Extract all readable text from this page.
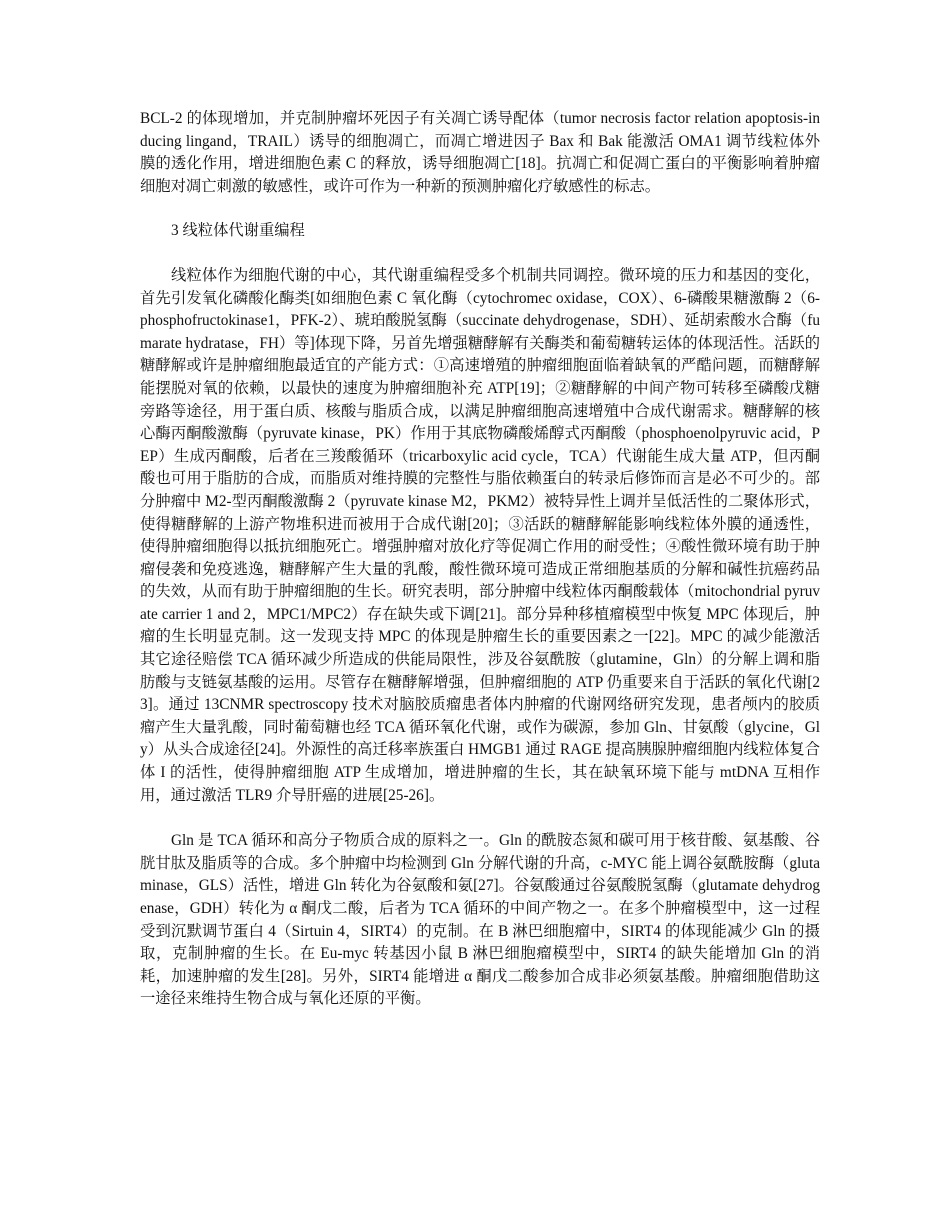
BCL-2 的体现增加，并克制肿瘤坏死因子有关凋亡诱导配体（tumor necrosis factor relation apoptosis-inducing lingand，TRAIL）诱导的细胞凋亡，而凋亡增进因子 Bax 和 Bak 能激活 OMA1 调节线粒体外膜的透化作用，增进细胞色素 C 的释放，诱导细胞凋亡[18]。抗凋亡和促凋亡蛋白的平衡影响着肿瘤细胞对凋亡刺激的敏感性，或许可作为一种新的预测肿瘤化疗敏感性的标志。

3 线粒体代谢重编程

线粒体作为细胞代谢的中心，其代谢重编程受多个机制共同调控。微环境的压力和基因的变化，首先引发氧化磷酸化酶类[如细胞色素 C 氧化酶（cytochromec oxidase，COX）、6-磷酸果糖激酶 2（6-phosphofructokinase1，PFK-2）、琥珀酸脱氢酶（succinate dehydrogenase，SDH）、延胡索酸水合酶（fumarate hydratase，FH）等]体现下降，另首先增强糖酵解有关酶类和葡萄糖转运体的体现活性。活跃的糖酵解或许是肿瘤细胞最适宜的产能方式：①高速增殖的肿瘤细胞面临着缺氧的严酷问题，而糖酵解能摆脱对氧的依赖，以最快的速度为肿瘤细胞补充 ATP[19]；②糖酵解的中间产物可转移至磷酸戊糖旁路等途径，用于蛋白质、核酸与脂质合成，以满足肿瘤细胞高速增殖中合成代谢需求。糖酵解的核心酶丙酮酸激酶（pyruvate kinase，PK）作用于其底物磷酸烯醇式丙酮酸（phosphoenolpyruvic acid，PEP）生成丙酮酸，后者在三羧酸循环（tricarboxylic acid cycle，TCA）代谢能生成大量 ATP，但丙酮酸也可用于脂肪的合成，而脂质对维持膜的完整性与脂依赖蛋白的转录后修饰而言是必不可少的。部分肿瘤中 M2-型丙酮酸激酶 2（pyruvate kinase M2，PKM2）被特异性上调并呈低活性的二聚体形式，使得糖酵解的上游产物堆积进而被用于合成代谢[20]；③活跃的糖酵解能影响线粒体外膜的通透性，使得肿瘤细胞得以抵抗细胞死亡。增强肿瘤对放化疗等促凋亡作用的耐受性；④酸性微环境有助于肿瘤侵袭和免疫逃逸，糖酵解产生大量的乳酸，酸性微环境可造成正常细胞基质的分解和碱性抗癌药品的失效，从而有助于肿瘤细胞的生长。研究表明，部分肿瘤中线粒体丙酮酸载体（mitochondrial pyruvate carrier 1 and 2，MPC1/MPC2）存在缺失或下调[21]。部分异种移植瘤模型中恢复 MPC 体现后，肿瘤的生长明显克制。这一发现支持 MPC 的体现是肿瘤生长的重要因素之一[22]。MPC 的减少能激活其它途径赔偿 TCA 循环减少所造成的供能局限性，涉及谷氨酰胺（glutamine，Gln）的分解上调和脂肪酸与支链氨基酸的运用。尽管存在糖酵解增强，但肿瘤细胞的 ATP 仍重要来自于活跃的氧化代谢[23]。通过 13CNMR spectroscopy 技术对脑胶质瘤患者体内肿瘤的代谢网络研究发现，患者颅内的胶质瘤产生大量乳酸，同时葡萄糖也经 TCA 循环氧化代谢，或作为碳源，参加 Gln、甘氨酸（glycine，Gly）从头合成途径[24]。外源性的高迁移率族蛋白 HMGB1 通过 RAGE 提高胰腺肿瘤细胞内线粒体复合体 I 的活性，使得肿瘤细胞 ATP 生成增加，增进肿瘤的生长，其在缺氧环境下能与 mtDNA 互相作用，通过激活 TLR9 介导肝癌的进展[25-26]。

Gln 是 TCA 循环和高分子物质合成的原料之一。Gln 的酰胺态氮和碳可用于核苷酸、氨基酸、谷胱甘肽及脂质等的合成。多个肿瘤中均检测到 Gln 分解代谢的升高，c-MYC 能上调谷氨酰胺酶（glutaminase，GLS）活性，增进 Gln 转化为谷氨酸和氨[27]。谷氨酸通过谷氨酸脱氢酶（glutamate dehydrogenase，GDH）转化为 α 酮戊二酸，后者为 TCA 循环的中间产物之一。在多个肿瘤模型中，这一过程受到沉默调节蛋白 4（Sirtuin 4，SIRT4）的克制。在 B 淋巴细胞瘤中，SIRT4 的体现能减少 Gln 的摄取，克制肿瘤的生长。在 Eu-myc 转基因小鼠 B 淋巴细胞瘤模型中，SIRT4 的缺失能增加 Gln 的消耗，加速肿瘤的发生[28]。另外，SIRT4 能增进 α 酮戊二酸参加合成非必须氨基酸。肿瘤细胞借助这一途径来维持生物合成与氧化还原的平衡。
